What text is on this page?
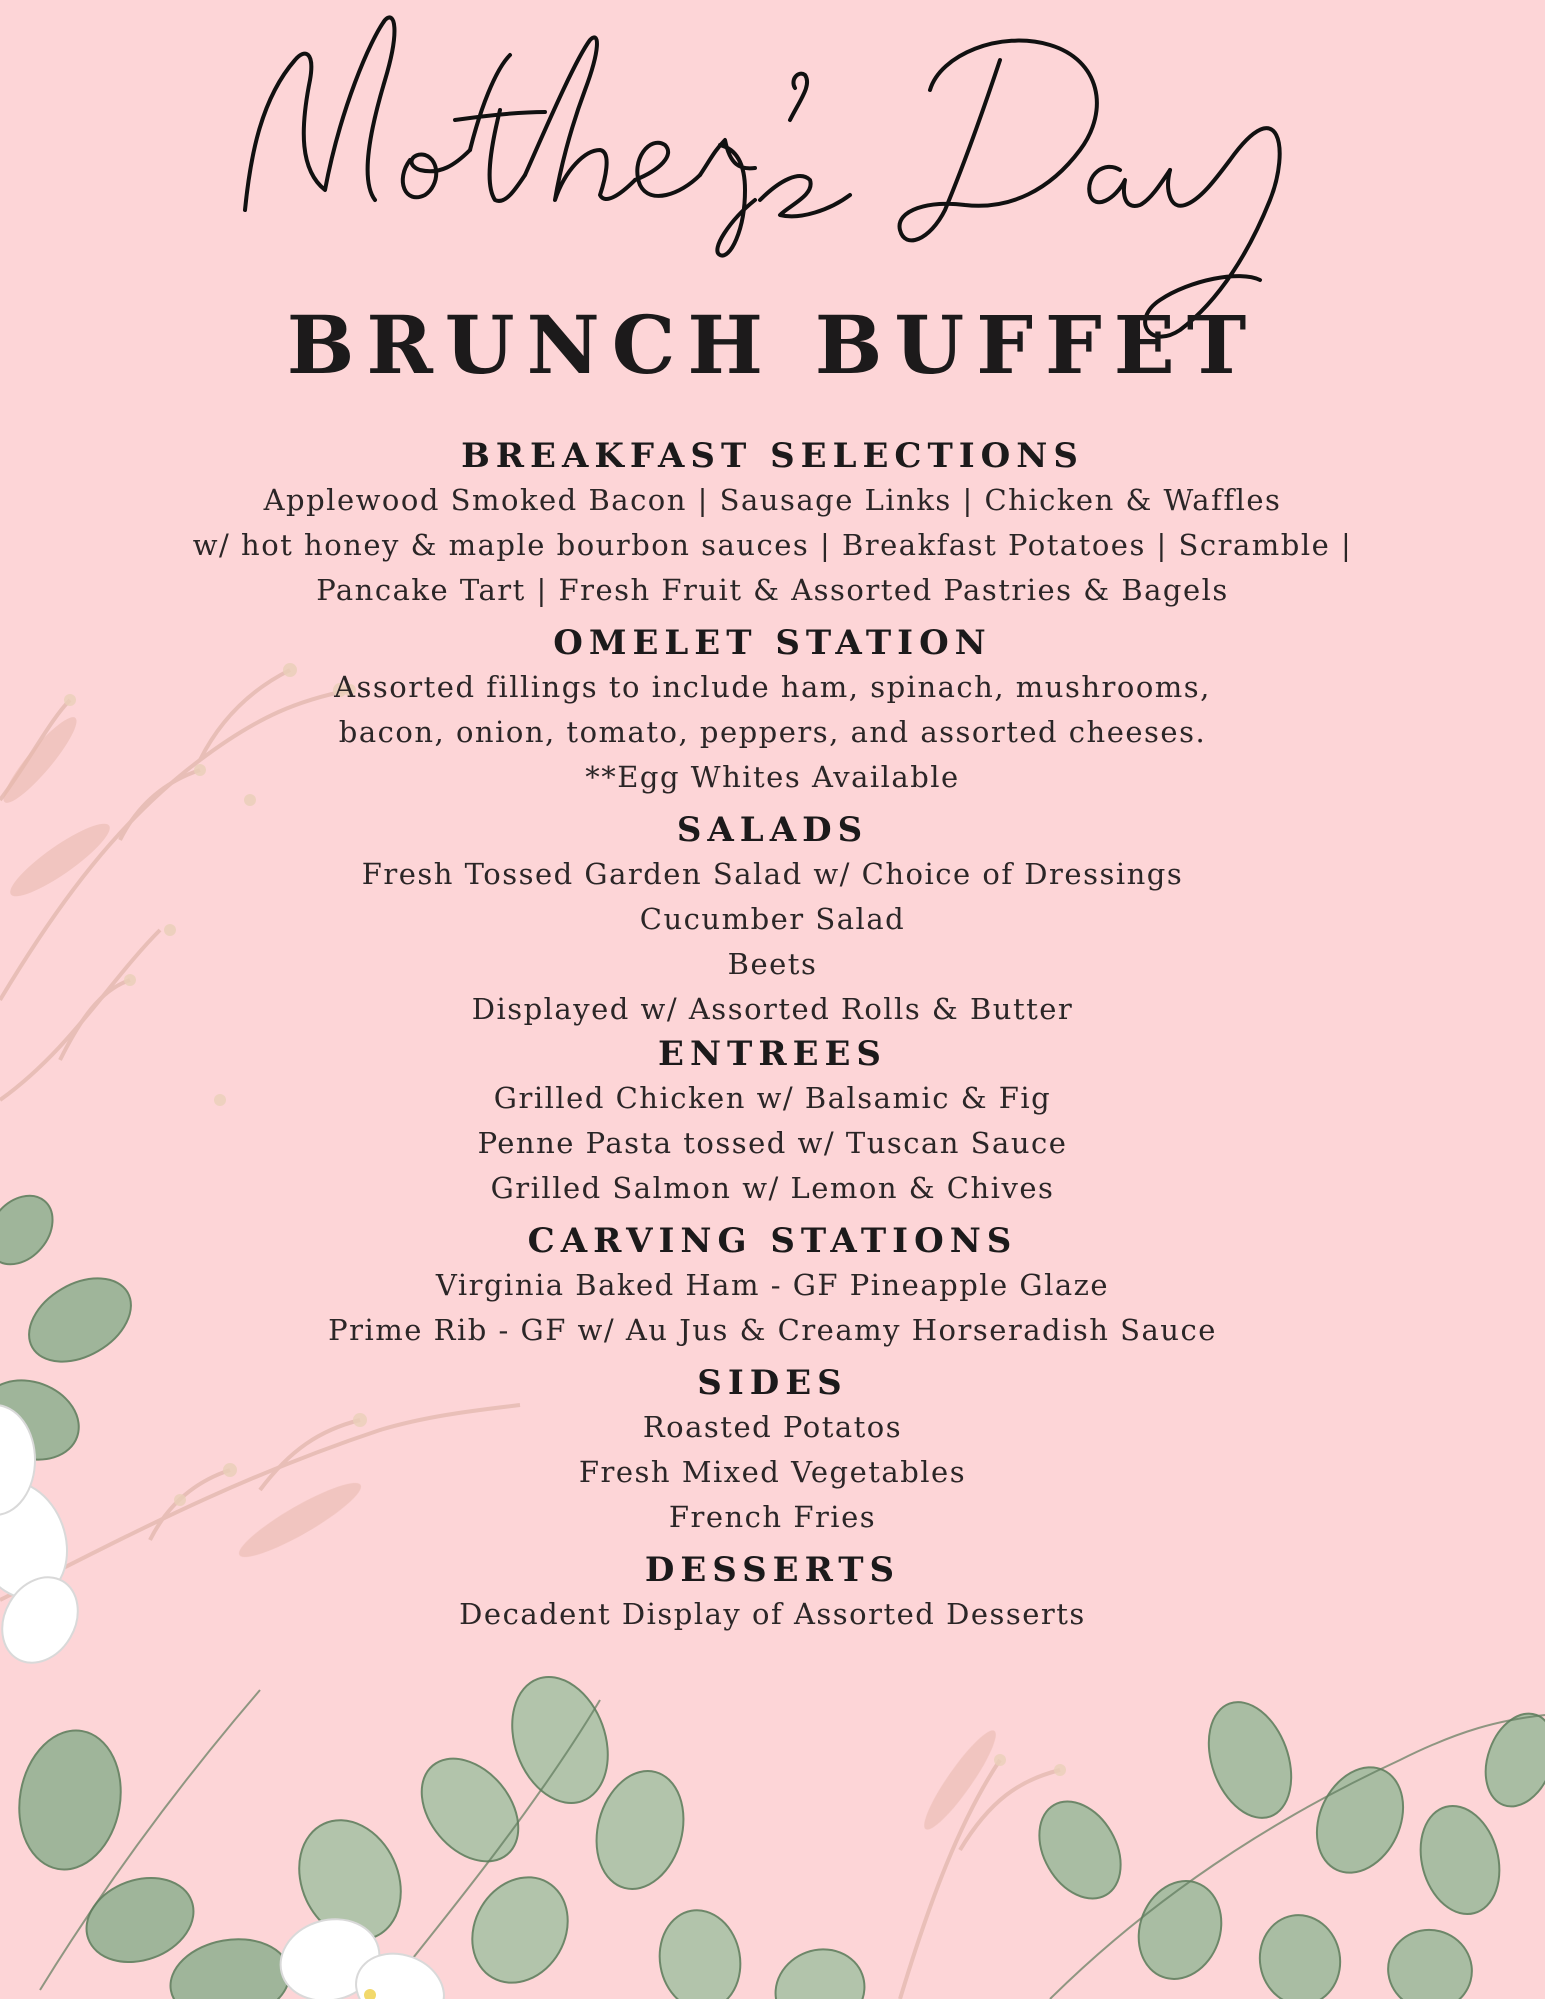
BRUNCH BUFFET

BREAKFAST SELECTIONS

Applewood Smoked Bacon | Sausage Links | Chicken & Waffles

w/ hot honey & maple bourbon sauces | Breakfast Potatoes | Scramble |

Pancake Tart | Fresh Fruit & Assorted Pastries & Bagels

OMELET STATION

Assorted fillings to include ham, spinach, mushrooms,

bacon, onion, tomato, peppers, and assorted cheeses.

**Egg Whites Available

SALADS

Fresh Tossed Garden Salad w/ Choice of Dressings

Cucumber Salad

Beets

Displayed w/ Assorted Rolls & Butter

ENTREES

Grilled Chicken w/ Balsamic & Fig

Penne Pasta tossed w/ Tuscan Sauce

Grilled Salmon w/ Lemon & Chives

CARVING STATIONS

Virginia Baked Ham - GF Pineapple Glaze

Prime Rib - GF w/ Au Jus & Creamy Horseradish Sauce

SIDES

Roasted Potatos

Fresh Mixed Vegetables

French Fries

DESSERTS

Decadent Display of Assorted Desserts
